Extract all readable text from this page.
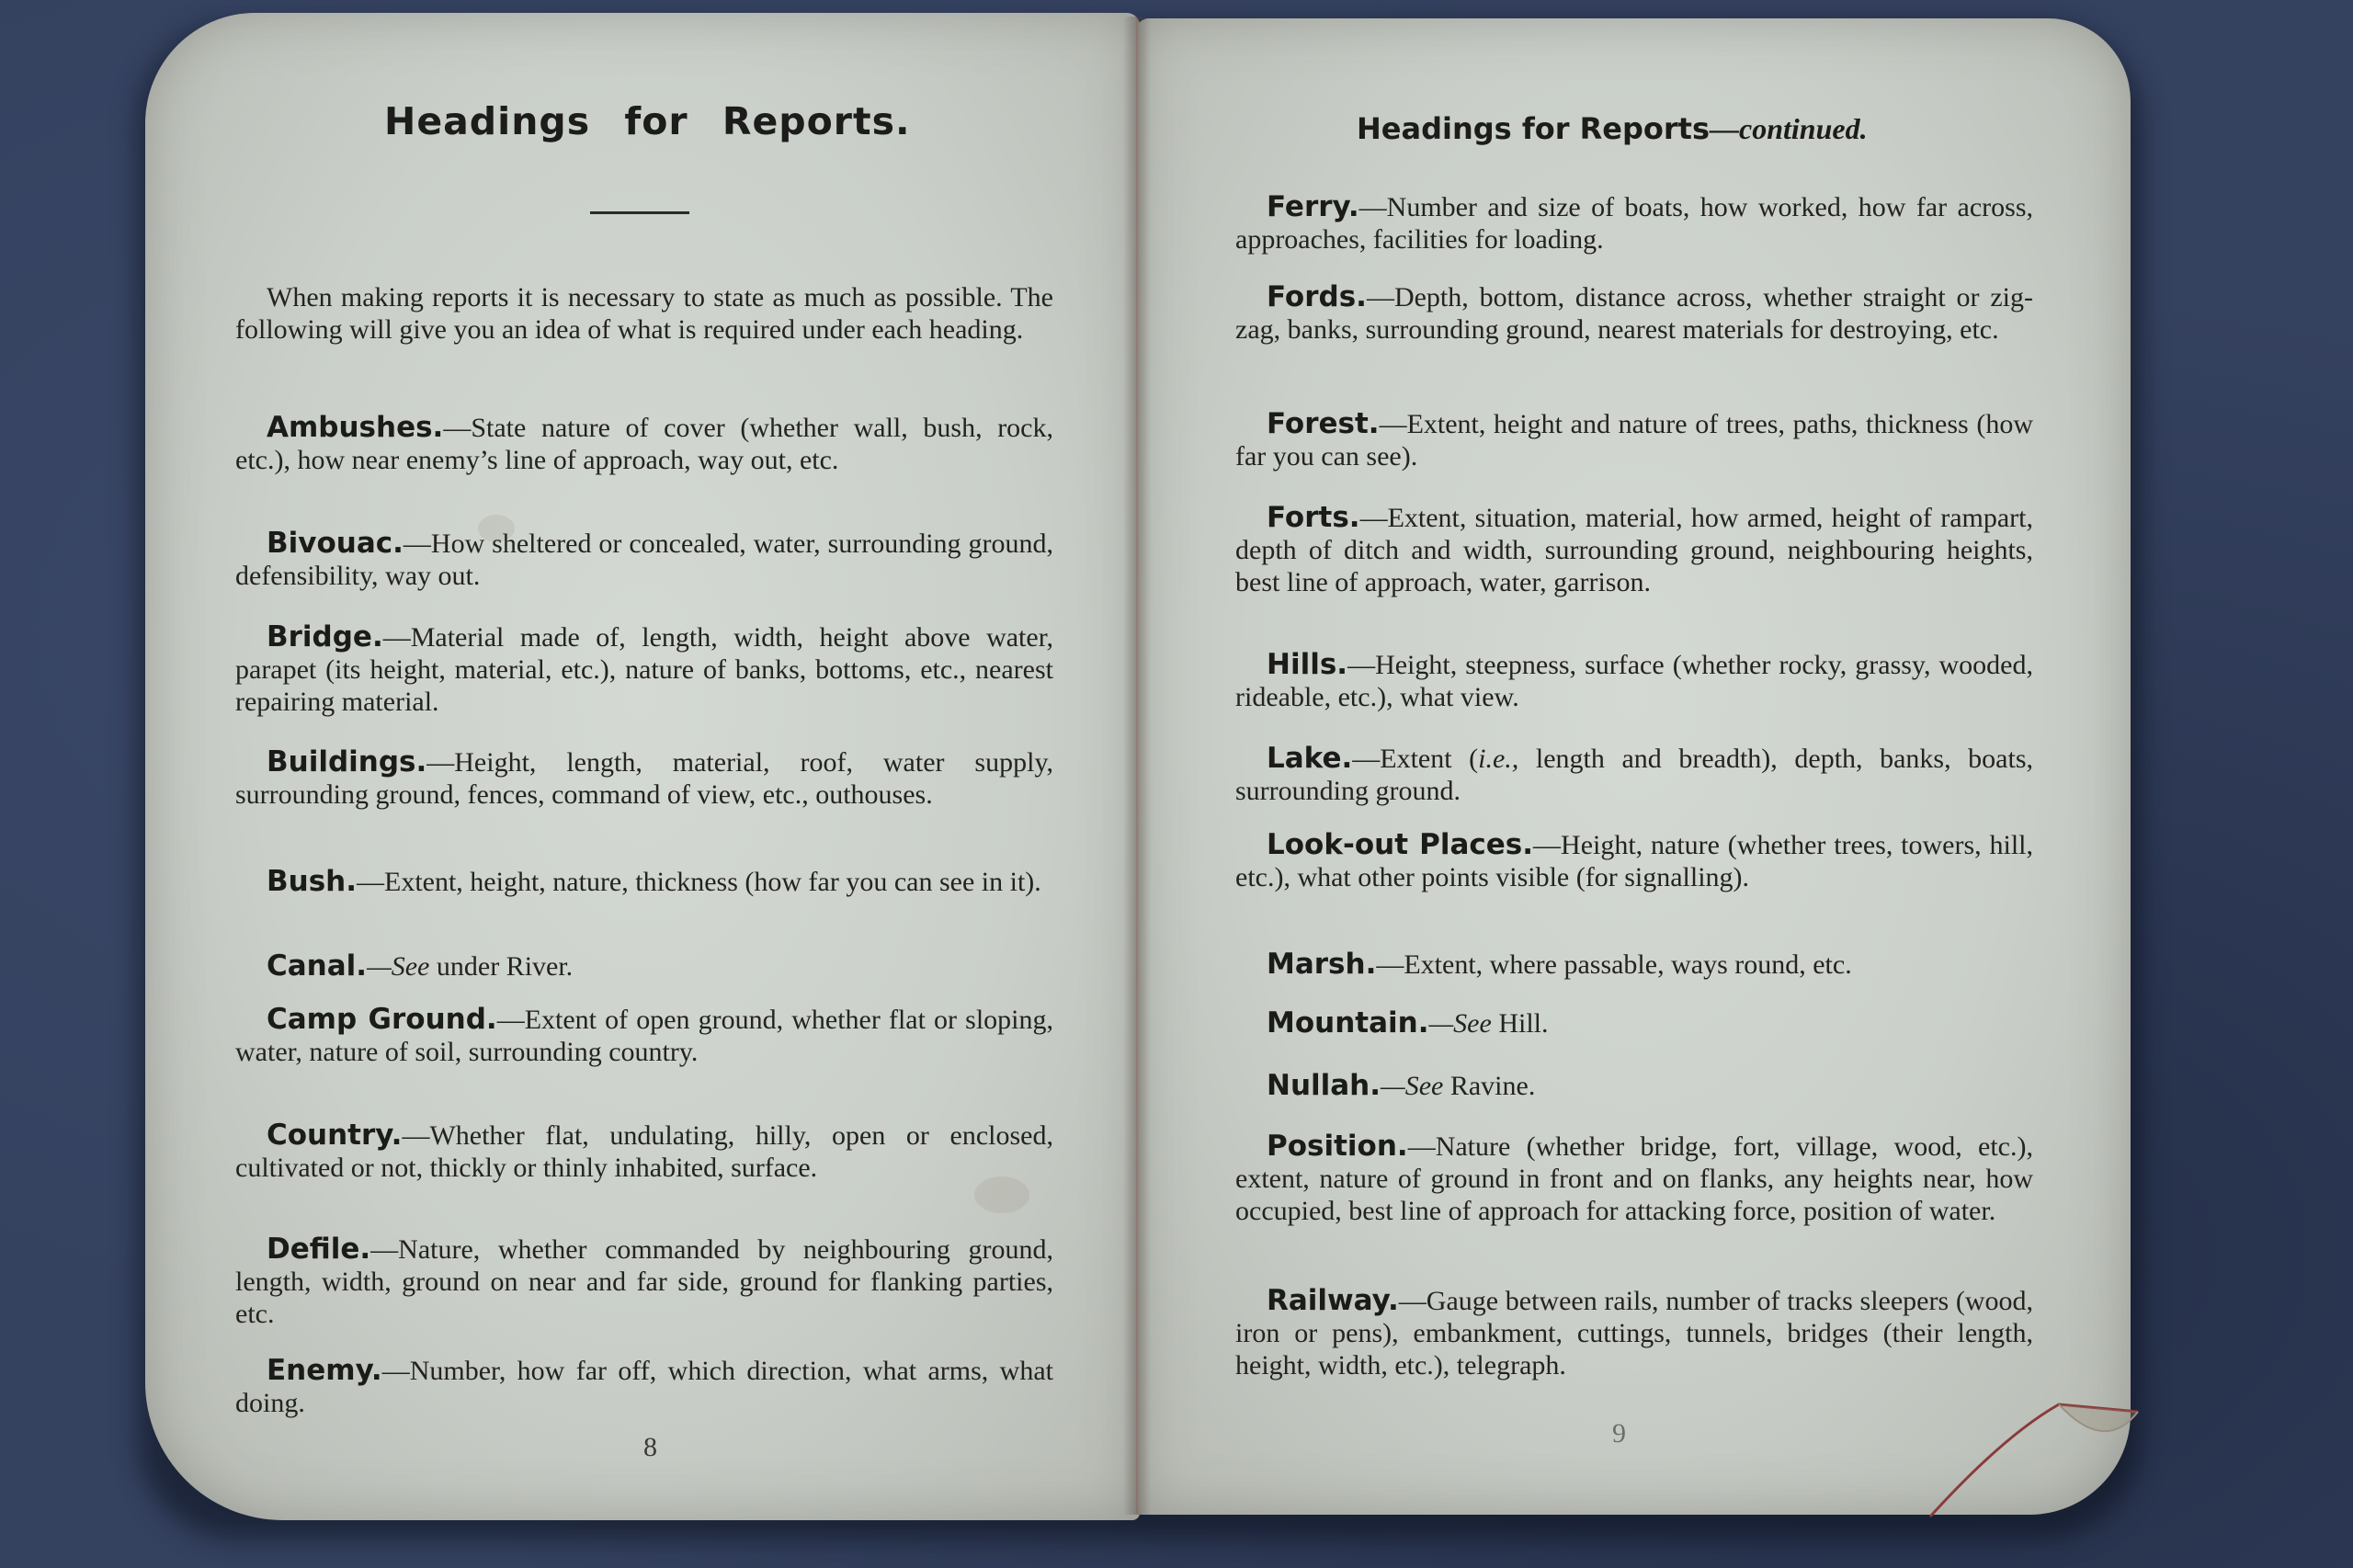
Headings for Reports.

When making reports it is necessary to state as much as possible. The following will give you an idea of what is required under each heading.

Ambushes.—State nature of cover (whether wall, bush, rock, etc.), how near enemy’s line of approach, way out, etc.

Bivouac.—How sheltered or concealed, water, surrounding ground, defensibility, way out.

Bridge.—Material made of, length, width, height above water, parapet (its height, material, etc.), nature of banks, bottoms, etc., nearest repairing material.

Buildings.—Height, length, material, roof, water supply, surrounding ground, fences, command of view, etc., outhouses.

Bush.—Extent, height, nature, thickness (how far you can see in it).

Canal.—See under River.

Camp Ground.—Extent of open ground, whether flat or sloping, water, nature of soil, surrounding country.

Country.—Whether flat, undulating, hilly, open or enclosed, cultivated or not, thickly or thinly inhabited, surface.

Defile.—Nature, whether commanded by neighbouring ground, length, width, ground on near and far side, ground for flanking parties, etc.

Enemy.—Number, how far off, which direction, what arms, what doing.

8

Headings for Reports—continued.

Ferry.—Number and size of boats, how worked, how far across, approaches, facilities for loading.

Fords.—Depth, bottom, distance across, whether straight or zig-zag, banks, surrounding ground, nearest materials for destroying, etc.

Forest.—Extent, height and nature of trees, paths, thickness (how far you can see).

Forts.—Extent, situation, material, how armed, height of rampart, depth of ditch and width, surrounding ground, neighbouring heights, best line of approach, water, garrison.

Hills.—Height, steepness, surface (whether rocky, grassy, wooded, rideable, etc.), what view.

Lake.—Extent (i.e., length and breadth), depth, banks, boats, surrounding ground.

Look-out Places.—Height, nature (whether trees, towers, hill, etc.), what other points visible (for signalling).

Marsh.—Extent, where passable, ways round, etc.

Mountain.—See Hill.

Nullah.—See Ravine.

Position.—Nature (whether bridge, fort, village, wood, etc.), extent, nature of ground in front and on flanks, any heights near, how occupied, best line of approach for attacking force, position of water.

Railway.—Gauge between rails, number of tracks sleepers (wood, iron or pens), embankment, cuttings, tunnels, bridges (their length, height, width, etc.), telegraph.

9
